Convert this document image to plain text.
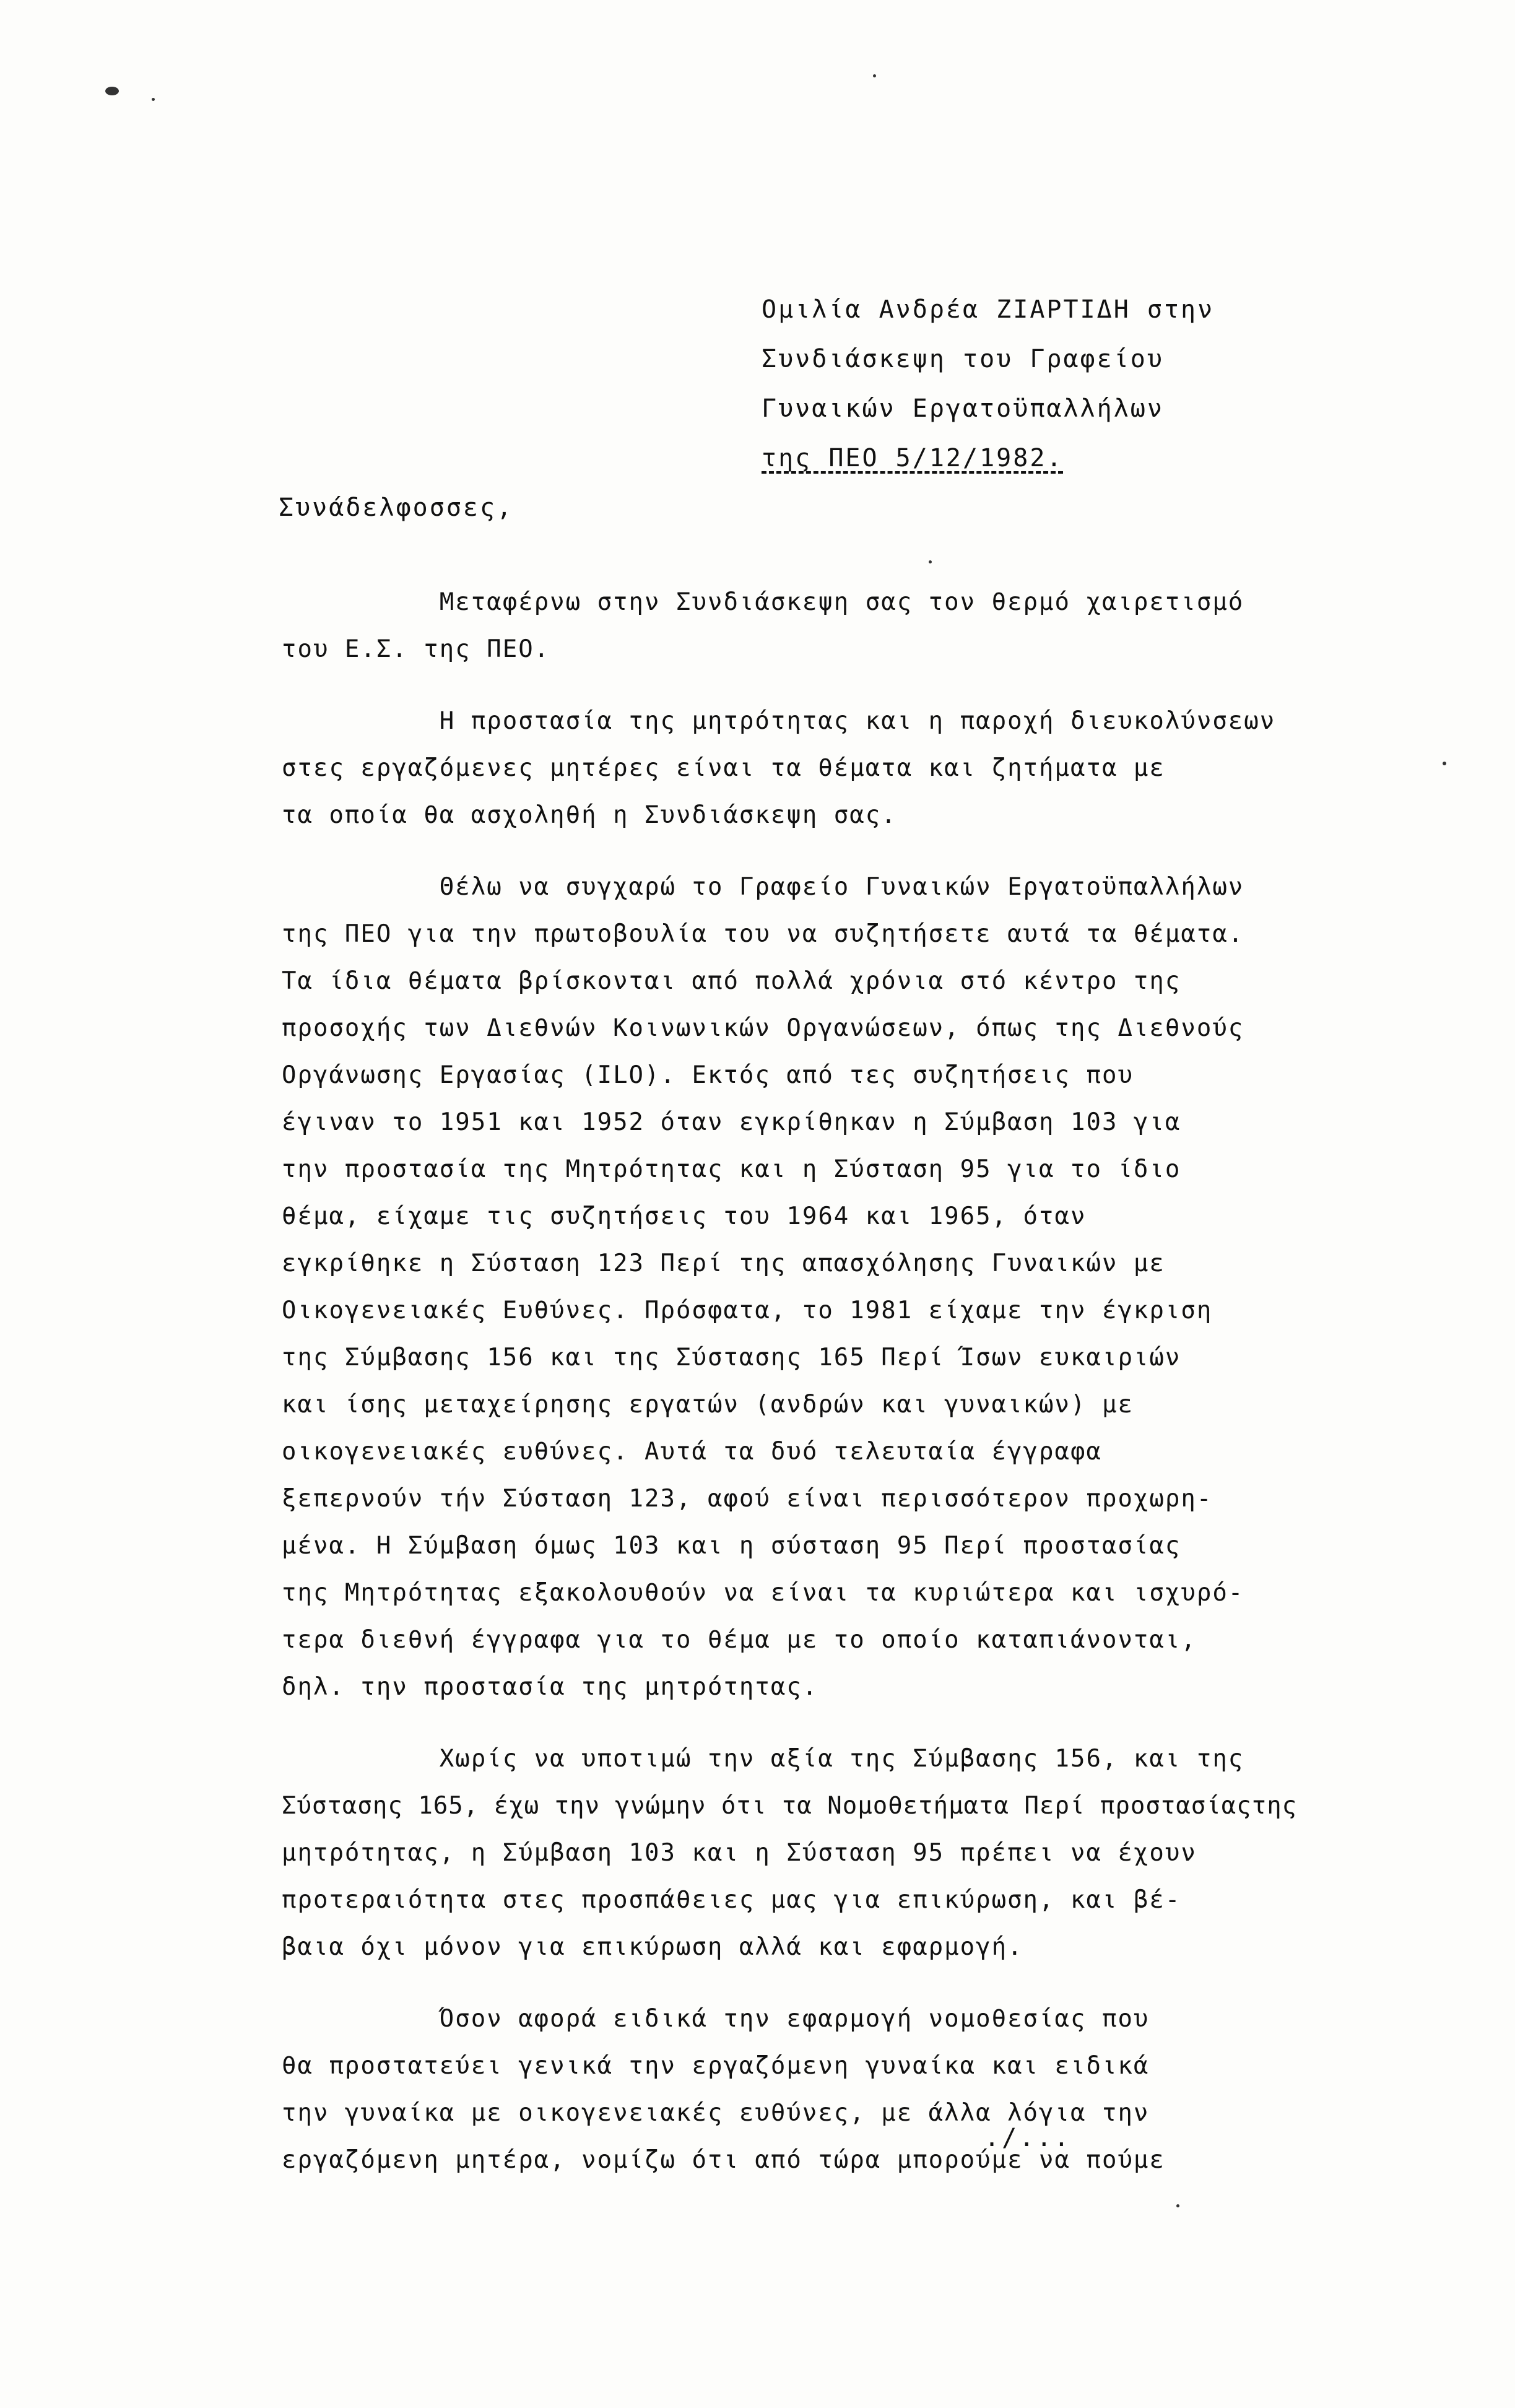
Ομιλία Ανδρέα ΖΙΑΡΤΙΔΗ στην
Συνδιάσκεψη του Γραφείου
Γυναικών Εργατοϋπαλλήλων
της ΠΕΟ 5/12/1982.
Συνάδελφοσσες,
Μεταφέρνω στην Συνδιάσκεψη σας τον θερμό χαιρετισμό
του Ε.Σ. της ΠΕΟ.
Η προστασία της μητρότητας και η παροχή διευκολύνσεων
στες εργαζόμενες μητέρες είναι τα θέματα και ζητήματα με
τα οποία θα ασχοληθή η Συνδιάσκεψη σας.
Θέλω να συγχαρώ το Γραφείο Γυναικών Εργατοϋπαλλήλων
της ΠΕΟ για την πρωτοβουλία του να συζητήσετε αυτά τα θέματα.
Τα ίδια θέματα βρίσκονται από πολλά χρόνια στό κέντρο της
προσοχής των Διεθνών Κοινωνικών Οργανώσεων, όπως της Διεθνούς
Οργάνωσης Εργασίας (ILO). Εκτός από τες συζητήσεις που
έγιναν το 1951 και 1952 όταν εγκρίθηκαν η Σύμβαση 103 για
την προστασία της Μητρότητας και η Σύσταση 95 για το ίδιο
θέμα, είχαμε τις συζητήσεις του 1964 και 1965, όταν
εγκρίθηκε η Σύσταση 123 Περί της απασχόλησης Γυναικών με
Οικογενειακές Ευθύνες. Πρόσφατα, το 1981 είχαμε την έγκριση
της Σύμβασης 156 και της Σύστασης 165 Περί Ίσων ευκαιριών
και ίσης μεταχείρησης εργατών (ανδρών και γυναικών) με
οικογενειακές ευθύνες. Αυτά τα δυό τελευταία έγγραφα
ξεπερνούν τήν Σύσταση 123, αφού είναι περισσότερον προχωρη-
μένα. Η Σύμβαση όμως 103 και η σύσταση 95 Περί προστασίας
της Μητρότητας εξακολουθούν να είναι τα κυριώτερα και ισχυρό-
τερα διεθνή έγγραφα για το θέμα με το οποίο καταπιάνονται,
δηλ. την προστασία της μητρότητας.
Χωρίς να υποτιμώ την αξία της Σύμβασης 156, και της
Σύστασης 165, έχω την γνώμην ότι τα Νομοθετήματα Περί προστασίαςτης
μητρότητας, η Σύμβαση 103 και η Σύσταση 95 πρέπει να έχουν
προτεραιότητα στες προσπάθειες μας για επικύρωση, και βέ-
βαια όχι μόνον για επικύρωση αλλά και εφαρμογή.
Όσον αφορά ειδικά την εφαρμογή νομοθεσίας που
θα προστατεύει γενικά την εργαζόμενη γυναίκα και ειδικά
την γυναίκα με οικογενειακές ευθύνες, με άλλα λόγια την
εργαζόμενη μητέρα, νομίζω ότι από τώρα μπορούμε να πούμε
./...
